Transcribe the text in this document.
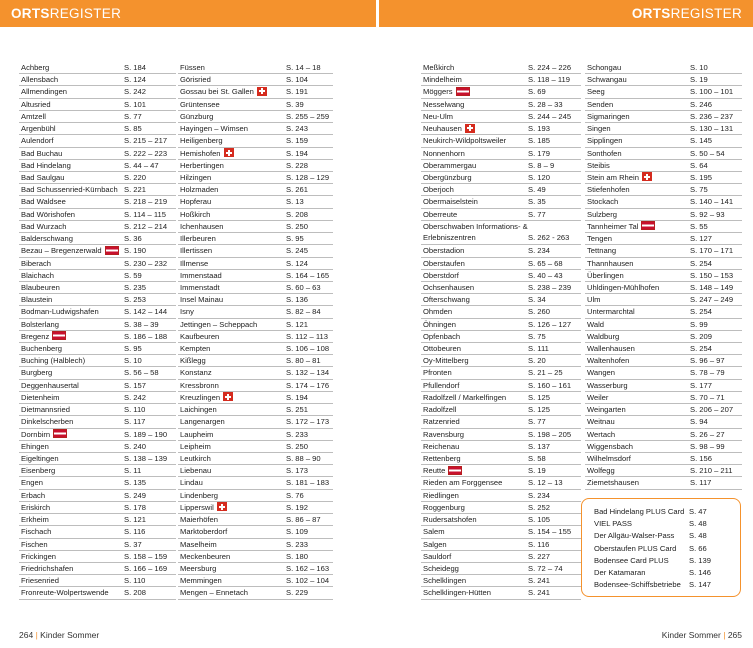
ORTSREGISTER	ORTSREGISTER
Achberg	S. 184
Allensbach	S. 124
Allmendingen	S. 242
Altusried	S. 101
Amtzell	S. 77
Argenbühl	S. 85
Aulendorf	S. 215 – 217
Bad Buchau	S. 222 – 223
Bad Hindelang	S. 44 – 47
Bad Saulgau	S. 220
Bad Schussenried-Kürnbach S. 221
Bad Waldsee	S. 218 – 219
Bad Wörishofen	S. 114 – 115
Bad Wurzach	S. 212 – 214
Balderschwang	S. 36
Bezau – Bregenzerwald	S. 190
Biberach	S. 230 – 232
Blaichach	S. 59
Blaubeuren	S. 235
Blaustein	S. 253
Bodman-Ludwigshafen	S. 142 – 144
Bolsterlang	S. 38 – 39
Bregenz	S. 186 – 188
Buchenberg	S. 95
Buching (Halblech)	S. 10
Burgberg	S. 56 – 58
Deggenhausertal	S. 157
Dietenheim	S. 242
Dietmannsried	S. 110
Dinkelscherben	S. 117
Dornbirn	S. 189 – 190
Ehingen	S. 240
Eigeltingen	S. 138 – 139
Eisenberg	S. 11
Engen	S. 135
Erbach	S. 249
Eriskirch	S. 178
Erkheim	S. 121
Fischach	S. 116
Fischen	S. 37
Frickingen	S. 158 – 159
Friedrichshafen	S. 166 – 169
Friesenried	S. 110
Fronreute-Wolpertswende S. 208
Füssen	S. 14 – 18
Görisried	S. 104
Gossau bei St. Gallen	S. 191
Grüntensee	S. 39
Günzburg	S. 255 – 259
Hayingen – Wimsen	S. 243
Heiligenberg	S. 159
Hemishofen	S. 194
Herbertingen	S. 228
Hilzingen	S. 128 – 129
Holzmaden	S. 261
Hopferau	S. 13
Hoßkirch	S. 208
Ichenhausen	S. 250
Illerbeuren	S. 95
Illertissen	S. 245
Illmense	S. 124
Immenstaad	S. 164 – 165
Immenstadt	S. 60 – 63
Insel Mainau	S. 136
Isny	S. 82 – 84
Jettingen – Scheppach	S. 121
Kaufbeuren	S. 112 – 113
Kempten	S. 106 – 108
Kißlegg	S. 80 – 81
Konstanz	S. 132 – 134
Kressbronn	S. 174 – 176
Kreuzlingen	S. 194
Laichingen	S. 251
Langenargen	S. 172 – 173
Laupheim	S. 233
Leipheim	S. 250
Leutkirch	S. 88 – 90
Liebenau	S. 173
Lindau	S. 181 – 183
Lindenberg	S. 76
Lipperswil	S. 192
Maierhöfen	S. 86 – 87
Marktoberdorf	S. 109
Maselheim	S. 233
Meckenbeuren	S. 180
Meersburg	S. 162 – 163
Memmingen	S. 102 – 104
Mengen – Ennetach	S. 229
Meßkirch	S. 224 – 226
Mindelheim	S. 118 – 119
Möggers	S. 69
Nesselwang	S. 28 – 33
Neu-Ulm	S. 244 – 245
Neuhausen	S. 193
Neukirch-Wildpoltsweiler	S. 185
Nonnenhorn	S. 179
Oberammergau	S. 8 – 9
Obergünzburg	S. 120
Oberjoch	S. 49
Obermaiselstein	S. 35
Oberreute	S. 77
Oberschwaben Informations- & Erlebniszentren	S. 262 - 263
Oberstadion	S. 234
Oberstaufen	S. 65 – 68
Oberstdorf	S. 40 – 43
Ochsenhausen	S. 238 – 239
Ofterschwang	S. 34
Ohmden	S. 260
Öhningen	S. 126 – 127
Opfenbach	S. 75
Ottobeuren	S. 111
Oy-Mittelberg	S. 20
Pfronten	S. 21 – 25
Pfullendorf	S. 160 – 161
Radolfzell / Markelfingen	S. 125
Radolfzell	S. 125
Ratzenried	S. 77
Ravensburg	S. 198 – 205
Reichenau	S. 137
Rettenberg	S. 58
Reutte	S. 19
Rieden am Forggensee	S. 12 – 13
Riedlingen	S. 234
Roggenburg	S. 252
Rudersatshofen	S. 105
Salem	S. 154 – 155
Salgen	S. 116
Sauldorf	S. 227
Scheidegg	S. 72 – 74
Schelklingen	S. 241
Schelklingen-Hütten	S. 241
Schongau	S. 10
Schwangau	S. 19
Seeg	S. 100 – 101
Senden	S. 246
Sigmaringen	S. 236 – 237
Singen	S. 130 – 131
Sipplingen	S. 145
Sonthofen	S. 50 – 54
Steibis	S. 64
Stein am Rhein	S. 195
Stiefenhofen	S. 75
Stockach	S. 140 – 141
Sulzberg	S. 92 – 93
Tannheimer Tal	S. 55
Tengen	S. 127
Tettnang	S. 170 – 171
Thannhausen	S. 254
Überlingen	S. 150 – 153
Uhldingen-Mühlhofen	S. 148 – 149
Ulm	S. 247 – 249
Untermarchtal	S. 254
Wald	S. 99
Waldburg	S. 209
Wallenhausen	S. 254
Waltenhofen	S. 96 – 97
Wangen	S. 78 – 79
Wasserburg	S. 177
Weiler	S. 70 – 71
Weingarten	S. 206 – 207
Weitnau	S. 94
Wertach	S. 26 – 27
Wiggensbach	S. 98 – 99
Wilhelmsdorf	S. 156
Wolfegg	S. 210 – 211
Ziemetshausen	S. 117
Bad Hindelang PLUS Card S. 47
VIEL PASS	S. 48
Der Allgäu-Walser-Pass S. 48
Oberstaufen PLUS Card S. 66
Bodensee Card PLUS	S. 139
Der Katamaran	S. 146
Bodensee-Schiffsbetriebe S. 147
264 | Kinder Sommer	Kinder Sommer | 265
